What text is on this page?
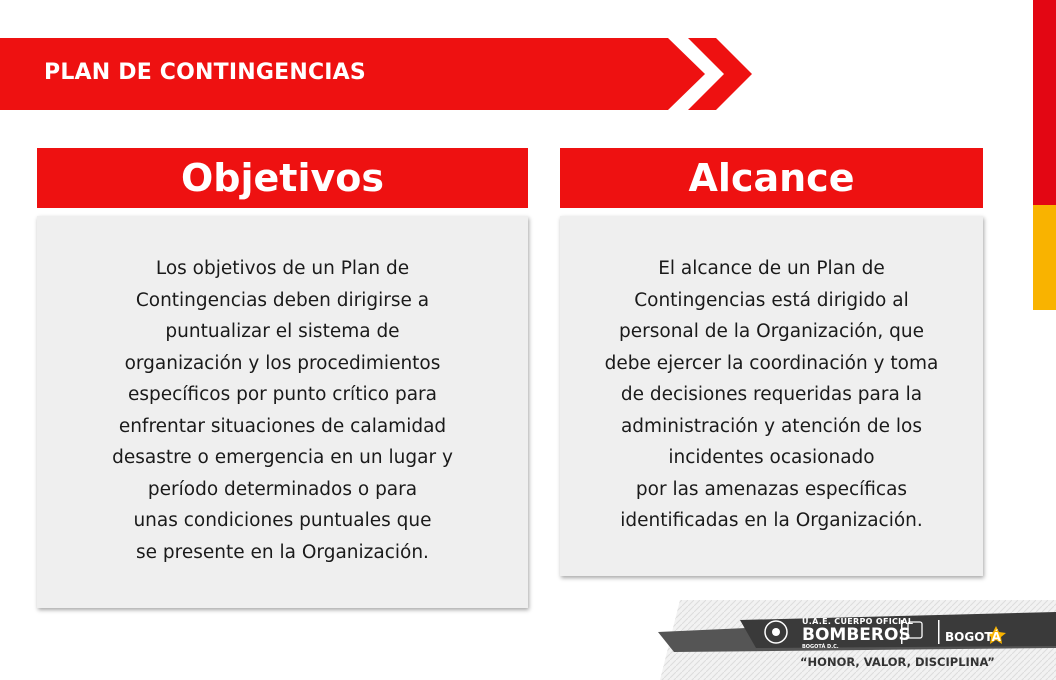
PLAN DE CONTINGENCIAS
Objetivos	Alcance
Los objetivos de un Plan de
Contingencias deben dirigirse a
puntualizar el sistema de
organización y los procedimientos
específicos por punto crítico para
enfrentar situaciones de calamidad
desastre o emergencia en un lugar y
período determinados o para
unas condiciones puntuales que
se presente en la Organización.
El alcance de un Plan de
Contingencias está dirigido al
personal de la Organización, que
debe ejercer la coordinación y toma
de decisiones requeridas para la
administración y atención de los
incidentes ocasionado
por las amenazas específicas
identificadas en la Organización.
U.A.E. CUERPO OFICIAL
BOMBEROS
BOGOTÁ D.C.
BOGOTÁ
“HONOR, VALOR, DISCIPLINA”
